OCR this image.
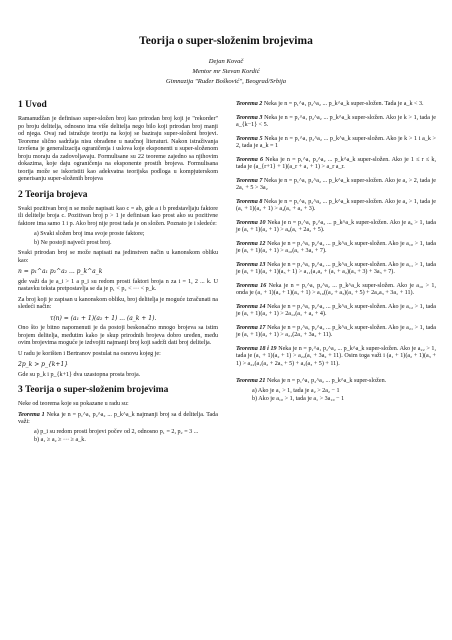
Teorija o super-složenim brojevima
Dejan Kovač
Mentor mr Stevan Kordić
Gimnazija "Ruđer Bošković", Beograd/Srbija
1 Uvod

Ramanudžan je definisao super-složen broj kao prirodan broj koji je "rekorder" po broju delitelja, odnosno ima više delitelja nego bilo koji prirodan broj manji od njega. Ovaj rad istražuje teoriju na kojoj se baziraju super-složeni brojevi. Teoreme slično sadržaja nisu obrađene u naučnoj literaturi. Nakon istraživanja izvršena je generalizacija ograničenja i uslova koje eksponenti u super-složenom broju moraju da zadovoljavaju. Formulisane su 22 teoreme zajedno sa njihovim dokazima, koje daju ograničenja na eksponente prostih brojeva. Formulisana teorija može se iskoristiti kao adekvatna teorijska podloga u kompjuterskom generisanju super-složenih brojeva

2 Teorija brojeva

Svaki pozitivan broj n se može napisati kao c = ab, gde a i b predstavljaju faktore ili delitelje broja c. Pozitivan broj p > 1 je definisan kao prost ako su pozitivne faktore ima samo 1 i p. Ako broj nije prost tada je on složen. Poznato je i sledeće:

a) Svaki složen broj ima svoje proste faktore;
b) Ne postoji najveći prost broj.

Svaki prirodan broj se može napisati na jedinstven način u kanonskom obliku kao:

n = p₁^a₁ p₂^a₂ ... p_k^a_k

gde važi da je a_i > 1 a p_i su redom prosti faktori broja n za i = 1, 2 ... k. U nastavku teksta pretpostavlja se da je p₁ < p₂ < ··· < p_k.

Za broj koji je zapisan u kanonskom obliku, broj delitelja je moguće izračunati na sledeći način:

τ(n) = (a₁ + 1)(a₂ + 1) ... (a_k + 1).

Ono što je bitno napomenuti je da postoji beskonačno mnogo brojeva sa istim brojem delitelja, međutim kako je skup prirodnih brojeva dobro uređen, među ovim brojevima moguće je izdvojiti najmanji broj koji sadrži dati broj delitelja.

U radu je korišten i Bertranov postulat na osnovu kojeg je:

2p_k > p_{k+1}

Gde su p_k i p_{k+1} dva uzastopna prosta broja.

3 Teorija o super-složenim brojevima

Neke od teorema koje su pokazane u radu su:

Teorema 1 Neka je n = p₁^a₁ p₂^a₂ ... p_k^a_k najmanji broj sa d delitelja. Tada važi:

a) p_i su redom prosti brojevi počev od 2, odnosno p₁ = 2, p₂ = 3 ...
b) a₁ ≥ a₂ ≥ ··· ≥ a_k.

Teorema 2 Neka je n = p₁^a₁ p₂^a₂ ... p_k^a_k super-složen. Tada je a_k < 3.

Teorema 3 Neka je n = p₁^a₁ p₂^a₂ ... p_k^a_k super-složen. Ako je k > 1, tada je a_{k−1} < 5.

Teorema 5 Neka je n = p₁^a₁ p₂^a₂ ... p_k^a_k super-složen. Ako je k > 1 i a_k > 2, tada je a_k = 1

Teorema 6 Neka je n = p₁^a₁ p₂^a₂ ... p_k^a_k super-složen. Ako je 1 ≤ r ≤ k, tada je (a_{r+1} + 1)(a_r + a₁ + 1) > a_r a_r.

Teorema 7 Neka je n = p₁^a₁ p₂^a₂ ... p_k^a_k super-složen. Ako je a₂ > 2, tada je 2a₁ + 5 > 3a₂

Teorema 8 Neka je n = p₁^a₁ p₂^a₂ ... p_k^a_k super-složen. Ako je a₄ > 1, tada je (a₁ + 1)(a₂ + 1) > a₄(a₁ + a₂ + 3).

Teorema 10 Neka je n = p₁^a₁ p₂^a₂ ... p_k^a_k super-složen. Ako je a₆ > 1, tada je (a₁ + 1)(a₂ + 1) > a₆(a₁ + 2a₂ + 5).

Teorema 12 Neka je n = p₁^a₁ p₂^a₂ ... p_k^a_k super-složen. Ako je a₁₀ > 1, tada je (a₁ + 1)(a₂ + 1) > a₁₀(a₁ + 3a₂ + 7).

Teorema 13 Neka je n = p₁^a₁ p₂^a₂ ... p_k^a_k super-složen. Ako je a₁₁ > 1, tada je (a₁ + 1)(a₂ + 1)(a₃ + 1) > a₁₁(a₁a₂ + (a₁ + a₂)(a₃ + 3) + 3a₃ + 7).

Teorema 16 Neka je n = p₁^a₁ p₂^a₂ ... p_k^a_k super-složen. Ako je a₁₆ > 1, onda je (a₁ + 1)(a₂ + 1)(a₃ + 1) > a₁₆((a₂ + a₃)(a₁ + 5) + 2a₂a₃ + 3a₁ + 11).

Teorema 14 Neka je n = p₁^a₁ p₂^a₂ ... p_k^a_k super-složen. Ako je a₁₂ > 1, tada je (a₁ + 1)(a₂ + 1) > 2a₁₂(a₁ + a₂ + 4).

Teorema 17 Neka je n = p₁^a₁ p₂^a₂ ... p_k^a_k super-složen. Ako je a₂₁ > 1, tada je (a₁ + 1)(a₂ + 1) > a₂₁(2a₁ + 3a₂ + 11).

Teorema 18 i 19 Neka je n = p₁^a₁ p₂^a₂ ... p_k^a_k super-složen. Ako je a₂₂ > 1, tada je (a₁ + 1)(a₂ + 1) > a₂₂(a₁ + 3a₂ + 11). Osim toga važi i (a₁ + 1)(a₂ + 1)(a₃ + 1) > a₂₂(a₁(a₂ + 2a₃ + 5) + a₂(a₃ + 5) + 11).

Teorema 21 Neka je n = p₁^a₁ p₂^a₂ ... p_k^a_k super-složen.

a) Ako je a₁ > 1, tada je a₂ > 2a₂ − 1
b) Ako je a₁₀ > 1, tada je a₁ > 3a₁₀ − 1
